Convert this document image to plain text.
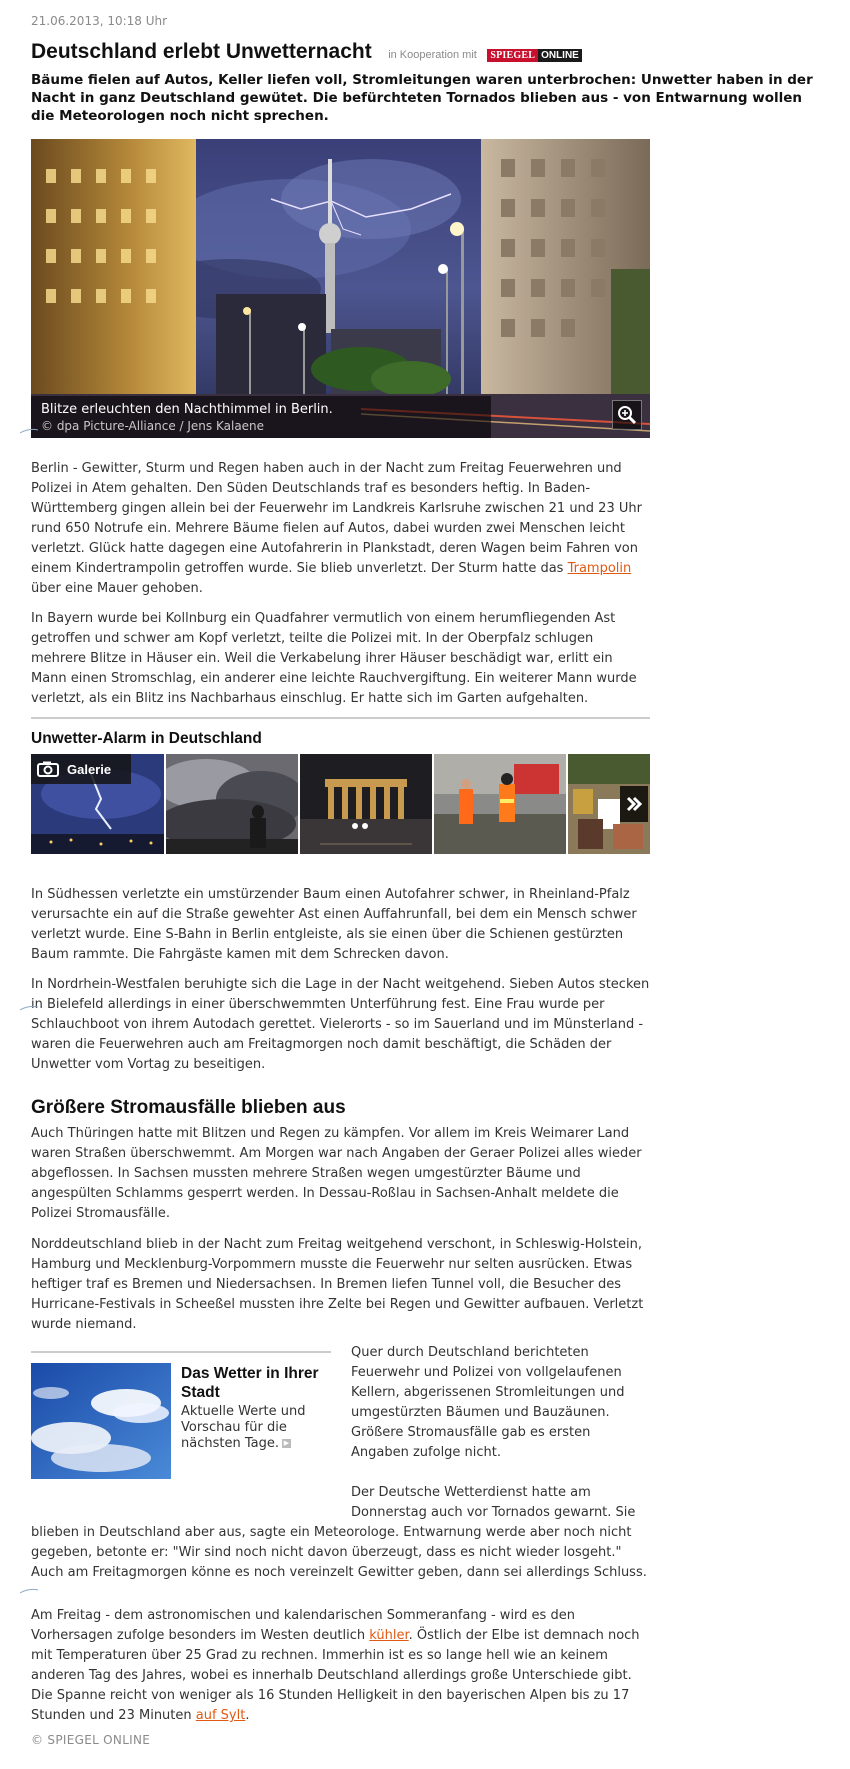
21.06.2013, 10:18 Uhr
Deutschland erlebt Unwetternacht in Kooperation mit SPIEGEL ONLINE

Bäume fielen auf Autos, Keller liefen voll, Stromleitungen waren unterbrochen: Unwetter haben in der Nacht in ganz Deutschland gewütet. Die befürchteten Tornados blieben aus - von Entwarnung wollen die Meteorologen noch nicht sprechen.

Blitze erleuchten den Nachthimmel in Berlin.
© dpa Picture-Alliance / Jens Kalaene

Berlin - Gewitter, Sturm und Regen haben auch in der Nacht zum Freitag Feuerwehren und Polizei in Atem gehalten. Den Süden Deutschlands traf es besonders heftig. In Baden-Württemberg gingen allein bei der Feuerwehr im Landkreis Karlsruhe zwischen 21 und 23 Uhr rund 650 Notrufe ein. Mehrere Bäume fielen auf Autos, dabei wurden zwei Menschen leicht verletzt. Glück hatte dagegen eine Autofahrerin in Plankstadt, deren Wagen beim Fahren von einem Kindertrampolin getroffen wurde. Sie blieb unverletzt. Der Sturm hatte das Trampolin über eine Mauer gehoben.

In Bayern wurde bei Kollnburg ein Quadfahrer vermutlich von einem herumfliegenden Ast getroffen und schwer am Kopf verletzt, teilte die Polizei mit. In der Oberpfalz schlugen mehrere Blitze in Häuser ein. Weil die Verkabelung ihrer Häuser beschädigt war, erlitt ein Mann einen Stromschlag, ein anderer eine leichte Rauchvergiftung. Ein weiterer Mann wurde verletzt, als ein Blitz ins Nachbarhaus einschlug. Er hatte sich im Garten aufgehalten.

Unwetter-Alarm in Deutschland
Galerie

In Südhessen verletzte ein umstürzender Baum einen Autofahrer schwer, in Rheinland-Pfalz verursachte ein auf die Straße gewehter Ast einen Auffahrunfall, bei dem ein Mensch schwer verletzt wurde. Eine S-Bahn in Berlin entgleiste, als sie einen über die Schienen gestürzten Baum rammte. Die Fahrgäste kamen mit dem Schrecken davon.

In Nordrhein-Westfalen beruhigte sich die Lage in der Nacht weitgehend. Sieben Autos stecken in Bielefeld allerdings in einer überschwemmten Unterführung fest. Eine Frau wurde per Schlauchboot von ihrem Autodach gerettet. Vielerorts - so im Sauerland und im Münsterland - waren die Feuerwehren auch am Freitagmorgen noch damit beschäftigt, die Schäden der Unwetter vom Vortag zu beseitigen.

Größere Stromausfälle blieben aus

Auch Thüringen hatte mit Blitzen und Regen zu kämpfen. Vor allem im Kreis Weimarer Land waren Straßen überschwemmt. Am Morgen war nach Angaben der Geraer Polizei alles wieder abgeflossen. In Sachsen mussten mehrere Straßen wegen umgestürzter Bäume und angespülten Schlamms gesperrt werden. In Dessau-Roßlau in Sachsen-Anhalt meldete die Polizei Stromausfälle.

Norddeutschland blieb in der Nacht zum Freitag weitgehend verschont, in Schleswig-Holstein, Hamburg und Mecklenburg-Vorpommern musste die Feuerwehr nur selten ausrücken. Etwas heftiger traf es Bremen und Niedersachsen. In Bremen liefen Tunnel voll, die Besucher des Hurricane-Festivals in Scheeßel mussten ihre Zelte bei Regen und Gewitter aufbauen. Verletzt wurde niemand.

Das Wetter in Ihrer Stadt
Aktuelle Werte und Vorschau für die nächsten Tage. ▶

Quer durch Deutschland berichteten Feuerwehr und Polizei von vollgelaufenen Kellern, abgerissenen Stromleitungen und umgestürzten Bäumen und Bauzäunen. Größere Stromausfälle gab es ersten Angaben zufolge nicht.

Der Deutsche Wetterdienst hatte am Donnerstag auch vor Tornados gewarnt. Sie

blieben in Deutschland aber aus, sagte ein Meteorologe. Entwarnung werde aber noch nicht gegeben, betonte er: "Wir sind noch nicht davon überzeugt, dass es nicht wieder losgeht." Auch am Freitagmorgen könne es noch vereinzelt Gewitter geben, dann sei allerdings Schluss.

Am Freitag - dem astronomischen und kalendarischen Sommeranfang - wird es den Vorhersagen zufolge besonders im Westen deutlich kühler. Östlich der Elbe ist demnach noch mit Temperaturen über 25 Grad zu rechnen. Immerhin ist es so lange hell wie an keinem anderen Tag des Jahres, wobei es innerhalb Deutschland allerdings große Unterschiede gibt. Die Spanne reicht von weniger als 16 Stunden Helligkeit in den bayerischen Alpen bis zu 17 Stunden und 23 Minuten auf Sylt.

© SPIEGEL ONLINE
